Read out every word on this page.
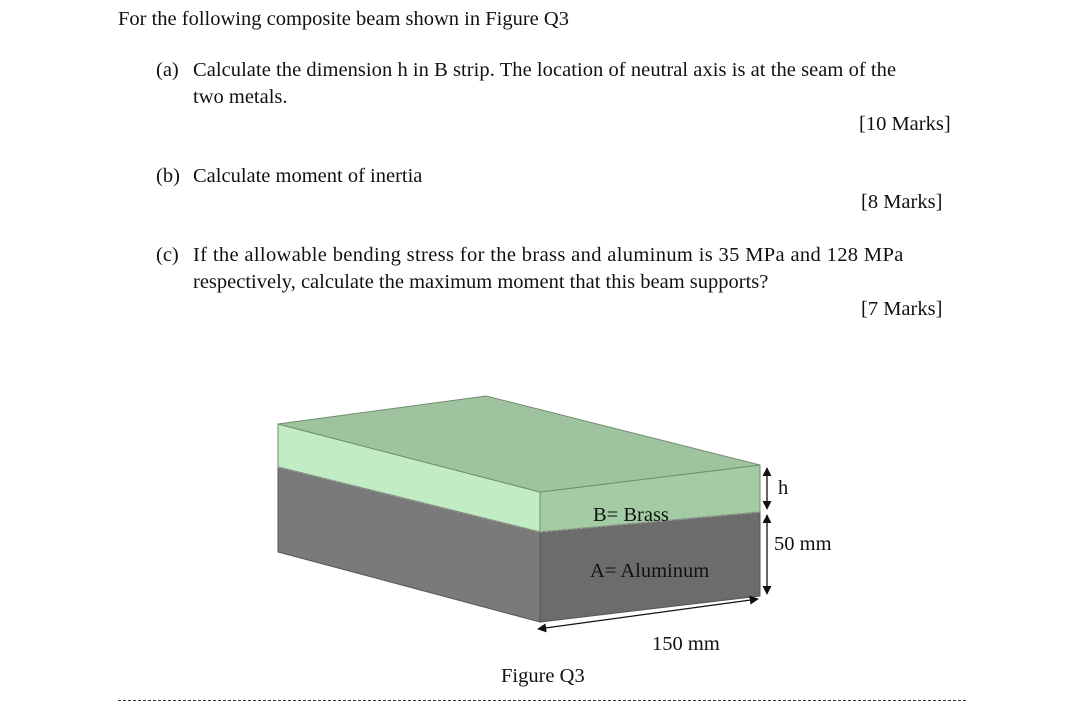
For the following composite beam shown in Figure Q3
(a) Calculate the dimension h in B strip. The location of neutral axis is at the seam of the
two metals.
[10 Marks]
(b) Calculate moment of inertia
[8 Marks]
(c) If the allowable bending stress for the brass and aluminum is 35 MPa and 128 MPa
respectively, calculate the maximum moment that this beam supports?
[7 Marks]
B= Brass
A= Aluminum
h
50 mm
150 mm
Figure Q3
